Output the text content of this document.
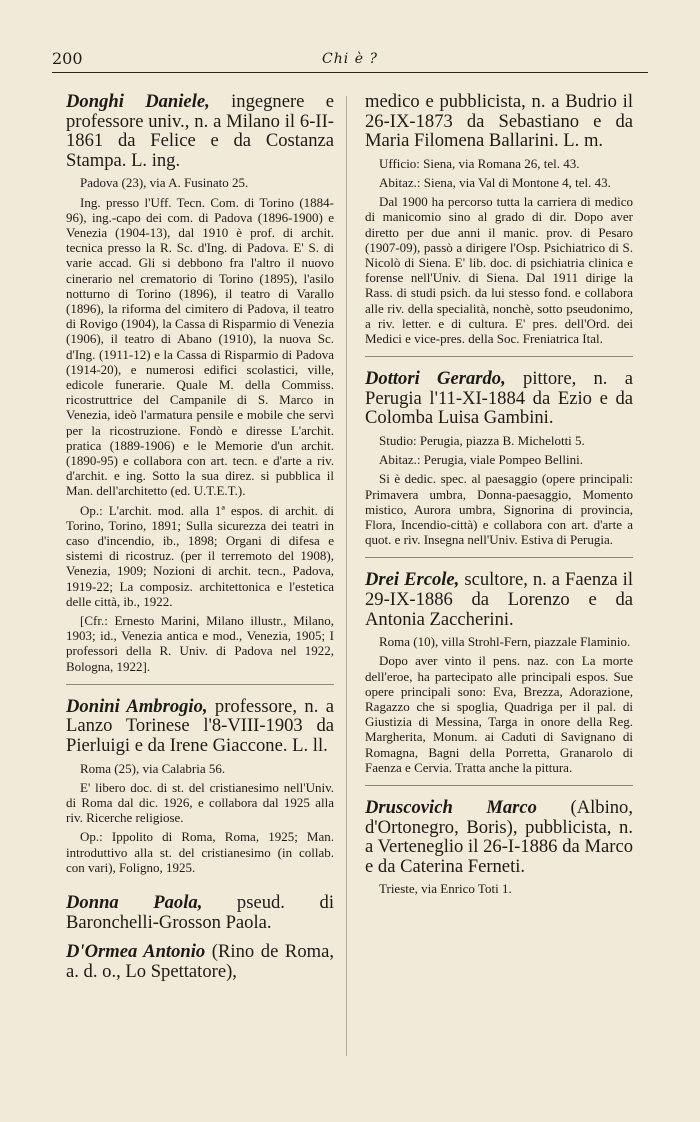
200	Chi è ?

Donghi Daniele, ingegnere e professore univ., n. a Milano il 6-II-1861 da Felice e da Costanza Stampa. L. ing.

Padova (23), via A. Fusinato 25.

Ing. presso l'Uff. Tecn. Com. di Torino (1884-96), ing.-capo dei com. di Padova (1896-1900) e Venezia (1904-13), dal 1910 è prof. di archit. tecnica presso la R. Sc. d'Ing. di Padova. E' S. di varie accad. Gli si debbono fra l'altro il nuovo cinerario nel crematorio di Torino (1895), l'asilo notturno di Torino (1896), il teatro di Varallo (1896), la riforma del cimitero di Padova, il teatro di Rovigo (1904), la Cassa di Risparmio di Venezia (1906), il teatro di Abano (1910), la nuova Sc. d'Ing. (1911-12) e la Cassa di Risparmio di Padova (1914-20), e numerosi edifici scolastici, ville, edicole funerarie. Quale M. della Commiss. ricostruttrice del Campanile di S. Marco in Venezia, ideò l'armatura pensile e mobile che servì per la ricostruzione. Fondò e diresse L'archit. pratica (1889-1906) e le Memorie d'un archit. (1890-95) e collabora con art. tecn. e d'arte a riv. d'archit. e ing. Sotto la sua direz. si pubblica il Man. dell'architetto (ed. U.T.E.T.).

Op.: L'archit. mod. alla 1ª espos. di archit. di Torino, Torino, 1891; Sulla sicurezza dei teatri in caso d'incendio, ib., 1898; Organi di difesa e sistemi di ricostruz. (per il terremoto del 1908), Venezia, 1909; Nozioni di archit. tecn., Padova, 1919-22; La composiz. architettonica e l'estetica delle città, ib., 1922.

[Cfr.: Ernesto Marini, Milano illustr., Milano, 1903; id., Venezia antica e mod., Venezia, 1905; I professori della R. Univ. di Padova nel 1922, Bologna, 1922].

Donini Ambrogio, professore, n. a Lanzo Torinese l'8-VIII-1903 da Pierluigi e da Irene Giaccone. L. ll.

Roma (25), via Calabria 56.

E' libero doc. di st. del cristianesimo nell'Univ. di Roma dal dic. 1926, e collabora dal 1925 alla riv. Ricerche religiose.

Op.: Ippolito di Roma, Roma, 1925; Man. introduttivo alla st. del cristianesimo (in collab. con vari), Foligno, 1925.

Donna Paola, pseud. di Baronchelli-Grosson Paola.

D'Ormea Antonio (Rino de Roma, a. d. o., Lo Spettatore),

medico e pubblicista, n. a Budrio il 26-IX-1873 da Sebastiano e da Maria Filomena Ballarini. L. m.

Ufficio: Siena, via Romana 26, tel. 43.

Abitaz.: Siena, via Val di Montone 4, tel. 43.

Dal 1900 ha percorso tutta la carriera di medico di manicomio sino al grado di dir. Dopo aver diretto per due anni il manic. prov. di Pesaro (1907-09), passò a dirigere l'Osp. Psichiatrico di S. Nicolò di Siena. E' lib. doc. di psichiatria clinica e forense nell'Univ. di Siena. Dal 1911 dirige la Rass. di studi psich. da lui stesso fond. e collabora alle riv. della specialità, nonchè, sotto pseudonimo, a riv. letter. e di cultura. E' pres. dell'Ord. dei Medici e vice-pres. della Soc. Freniatrica Ital.

Dottori Gerardo, pittore, n. a Perugia l'11-XI-1884 da Ezio e da Colomba Luisa Gambini.

Studio: Perugia, piazza B. Michelotti 5.

Abitaz.: Perugia, viale Pompeo Bellini.

Si è dedic. spec. al paesaggio (opere principali: Primavera umbra, Donna-paesaggio, Momento mistico, Aurora umbra, Signorina di provincia, Flora, Incendio-città) e collabora con art. d'arte a quot. e riv. Insegna nell'Univ. Estiva di Perugia.

Drei Ercole, scultore, n. a Faenza il 29-IX-1886 da Lorenzo e da Antonia Zaccherini.

Roma (10), villa Strohl-Fern, piazzale Flaminio.

Dopo aver vinto il pens. naz. con La morte dell'eroe, ha partecipato alle principali espos. Sue opere principali sono: Eva, Brezza, Adorazione, Ragazzo che si spoglia, Quadriga per il pal. di Giustizia di Messina, Targa in onore della Reg. Margherita, Monum. ai Caduti di Savignano di Romagna, Bagni della Porretta, Granarolo di Faenza e Cervia. Tratta anche la pittura.

Druscovich Marco (Albino, d'Ortonegro, Boris), pubblicista, n. a Verteneglio il 26-I-1886 da Marco e da Caterina Ferneti.

Trieste, via Enrico Toti 1.
